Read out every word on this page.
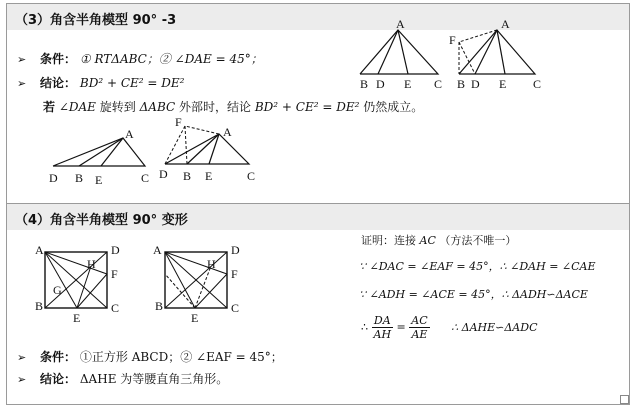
（3）角含半角模型 90° -3
➢ 条件： ① RTΔABC；② ∠DAE = 45°；
➢ 结论： BD² + CE² = DE²
若 ∠DAE 旋转到 ΔABC 外部时，结论 BD² + CE² = DE² 仍然成立。
A
B D E C
A
F
B D E C
A
D B E	C
F
A
D B E	C
（4）角含半角模型 90° 变形
A	D
H
F
G
B	C
E
A	D
H
F
B	C
E
证明：连接 AC （方法不唯一）
∵ ∠DAC = ∠EAF = 45°，∴ ∠DAH = ∠CAE
∵ ∠ADH = ∠ACE = 45°，∴ ΔADH∽ΔACE
∴ $\frac{DA}{AH} = \frac{AC}{AE}$ ∴ ΔAHE∽ΔADC
➢ 条件： ①正方形 ABCD；② ∠EAF = 45°；
➢ 结论： ΔAHE 为等腰直角三角形。
